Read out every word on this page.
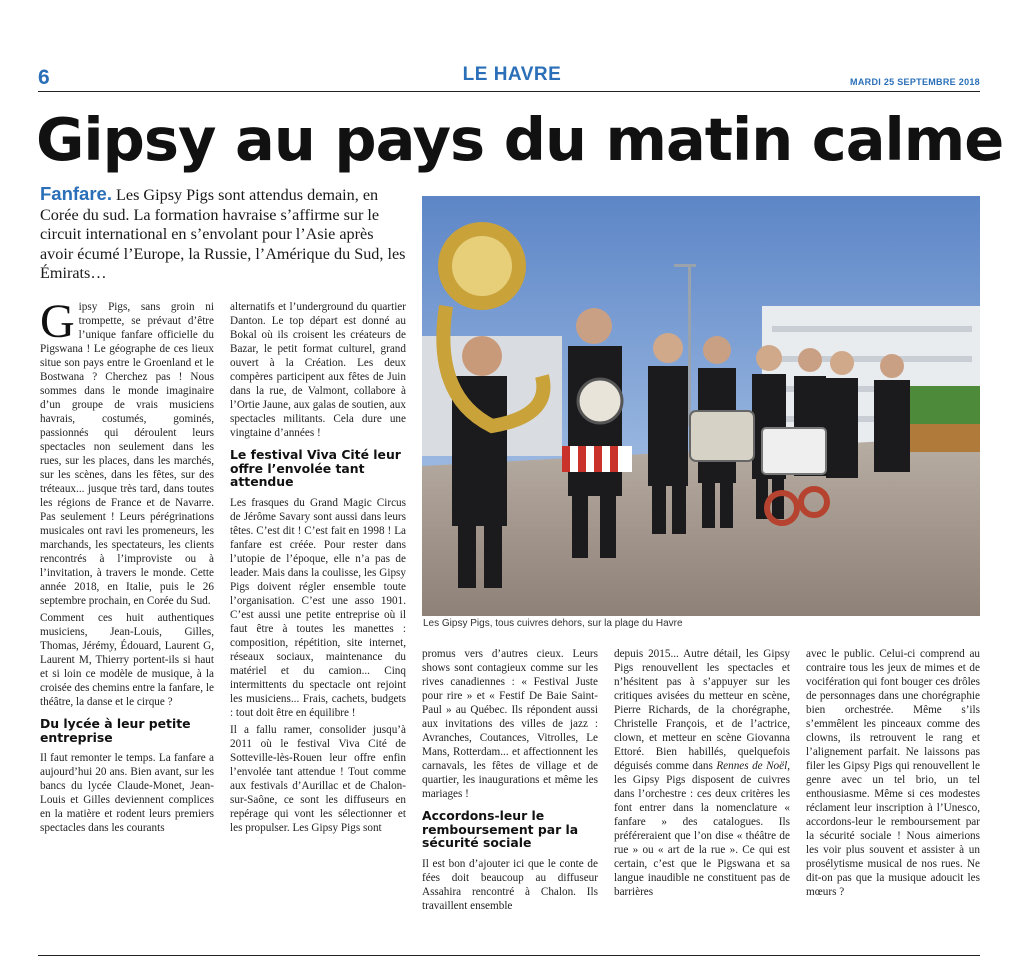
6	LE HAVRE	MARDI 25 SEPTEMBRE 2018
Gipsy au pays du matin calme
Fanfare. Les Gipsy Pigs sont attendus demain, en Corée du sud. La formation havraise s’affirme sur le circuit international en s’envolant pour l’Asie après avoir écumé l’Europe, la Russie, l’Amérique du Sud, les Émirats…
Les Gipsy Pigs, tous cuivres dehors, sur la plage du Havre

Gipsy Pigs, sans groin ni trompette, se prévaut d’être l’unique fanfare officielle du Pigswana ! Le géographe de ces lieux situe son pays entre le Groenland et le Bostwana ? Cherchez pas ! Nous sommes dans le monde imaginaire d’un groupe de vrais musiciens havrais, costumés, gominés, passionnés qui déroulent leurs spectacles non seulement dans les rues, sur les places, dans les marchés, sur les scènes, dans les fêtes, sur des tréteaux... jusque très tard, dans toutes les régions de France et de Navarre. Pas seulement ! Leurs pérégrinations musicales ont ravi les promeneurs, les marchands, les spectateurs, les clients rencontrés à l’improviste ou à l’invitation, à travers le monde. Cette année 2018, en Italie, puis le 26 septembre prochain, en Corée du Sud.

Comment ces huit authentiques musiciens, Jean-Louis, Gilles, Thomas, Jérémy, Édouard, Laurent G, Laurent M, Thierry portent-ils si haut et si loin ce modèle de musique, à la croisée des chemins entre la fanfare, le théâtre, la danse et le cirque ?

Du lycée à leur petite entreprise

Il faut remonter le temps. La fanfare a aujourd’hui 20 ans. Bien avant, sur les bancs du lycée Claude-Monet, Jean-Louis et Gilles deviennent complices en la matière et rodent leurs premiers spectacles dans les courants

alternatifs et l’underground du quartier Danton. Le top départ est donné au Bokal où ils croisent les créateurs de Bazar, le petit format culturel, grand ouvert à la Création. Les deux compères participent aux fêtes de Juin dans la rue, de Valmont, collabore à l’Ortie Jaune, aux galas de soutien, aux spectacles militants. Cela dure une vingtaine d’années !

Le festival Viva Cité leur offre l’envolée tant attendue

Les frasques du Grand Magic Circus de Jérôme Savary sont aussi dans leurs têtes. C’est dit ! C’est fait en 1998 ! La fanfare est créée. Pour rester dans l’utopie de l’époque, elle n’a pas de leader. Mais dans la coulisse, les Gipsy Pigs doivent régler ensemble toute l’organisation. C’est une asso 1901. C’est aussi une petite entreprise où il faut être à toutes les manettes : composition, répétition, site internet, réseaux sociaux, maintenance du matériel et du camion... Cinq intermittents du spectacle ont rejoint les musiciens... Frais, cachets, budgets : tout doit être en équilibre !

Il a fallu ramer, consolider jusqu’à 2011 où le festival Viva Cité de Sotteville-lès-Rouen leur offre enfin l’envolée tant attendue ! Tout comme aux festivals d’Aurillac et de Chalon-sur-Saône, ce sont les diffuseurs en repérage qui vont les sélectionner et les propulser. Les Gipsy Pigs sont

promus vers d’autres cieux. Leurs shows sont contagieux comme sur les rives canadiennes : « Festival Juste pour rire » et « Festif De Baie Saint-Paul » au Québec. Ils répondent aussi aux invitations des villes de jazz : Avranches, Coutances, Vitrolles, Le Mans, Rotterdam... et affectionnent les carnavals, les fêtes de village et de quartier, les inaugurations et même les mariages !

Accordons-leur le remboursement par la sécurité sociale

Il est bon d’ajouter ici que le conte de fées doit beaucoup au diffuseur Assahira rencontré à Chalon. Ils travaillent ensemble

depuis 2015... Autre détail, les Gipsy Pigs renouvellent les spectacles et n’hésitent pas à s’appuyer sur les critiques avisées du metteur en scène, Pierre Richards, de la chorégraphe, Christelle François, et de l’actrice, clown, et metteur en scène Giovanna Ettoré. Bien habillés, quelquefois déguisés comme dans Rennes de Noël, les Gipsy Pigs disposent de cuivres dans l’orchestre : ces deux critères les font entrer dans la nomenclature « fanfare » des catalogues. Ils préféreraient que l’on dise « théâtre de rue » ou « art de la rue ». Ce qui est certain, c’est que le Pigswana et sa langue inaudible ne constituent pas de barrières

avec le public. Celui-ci comprend au contraire tous les jeux de mimes et de vocifération qui font bouger ces drôles de personnages dans une chorégraphie bien orchestrée. Même s’ils s’emmêlent les pinceaux comme des clowns, ils retrouvent le rang et l’alignement parfait. Ne laissons pas filer les Gipsy Pigs qui renouvellent le genre avec un tel brio, un tel enthousiasme. Même si ces modestes réclament leur inscription à l’Unesco, accordons-leur le remboursement par la sécurité sociale ! Nous aimerions les voir plus souvent et assister à un prosélytisme musical de nos rues. Ne dit-on pas que la musique adoucit les mœurs ?
